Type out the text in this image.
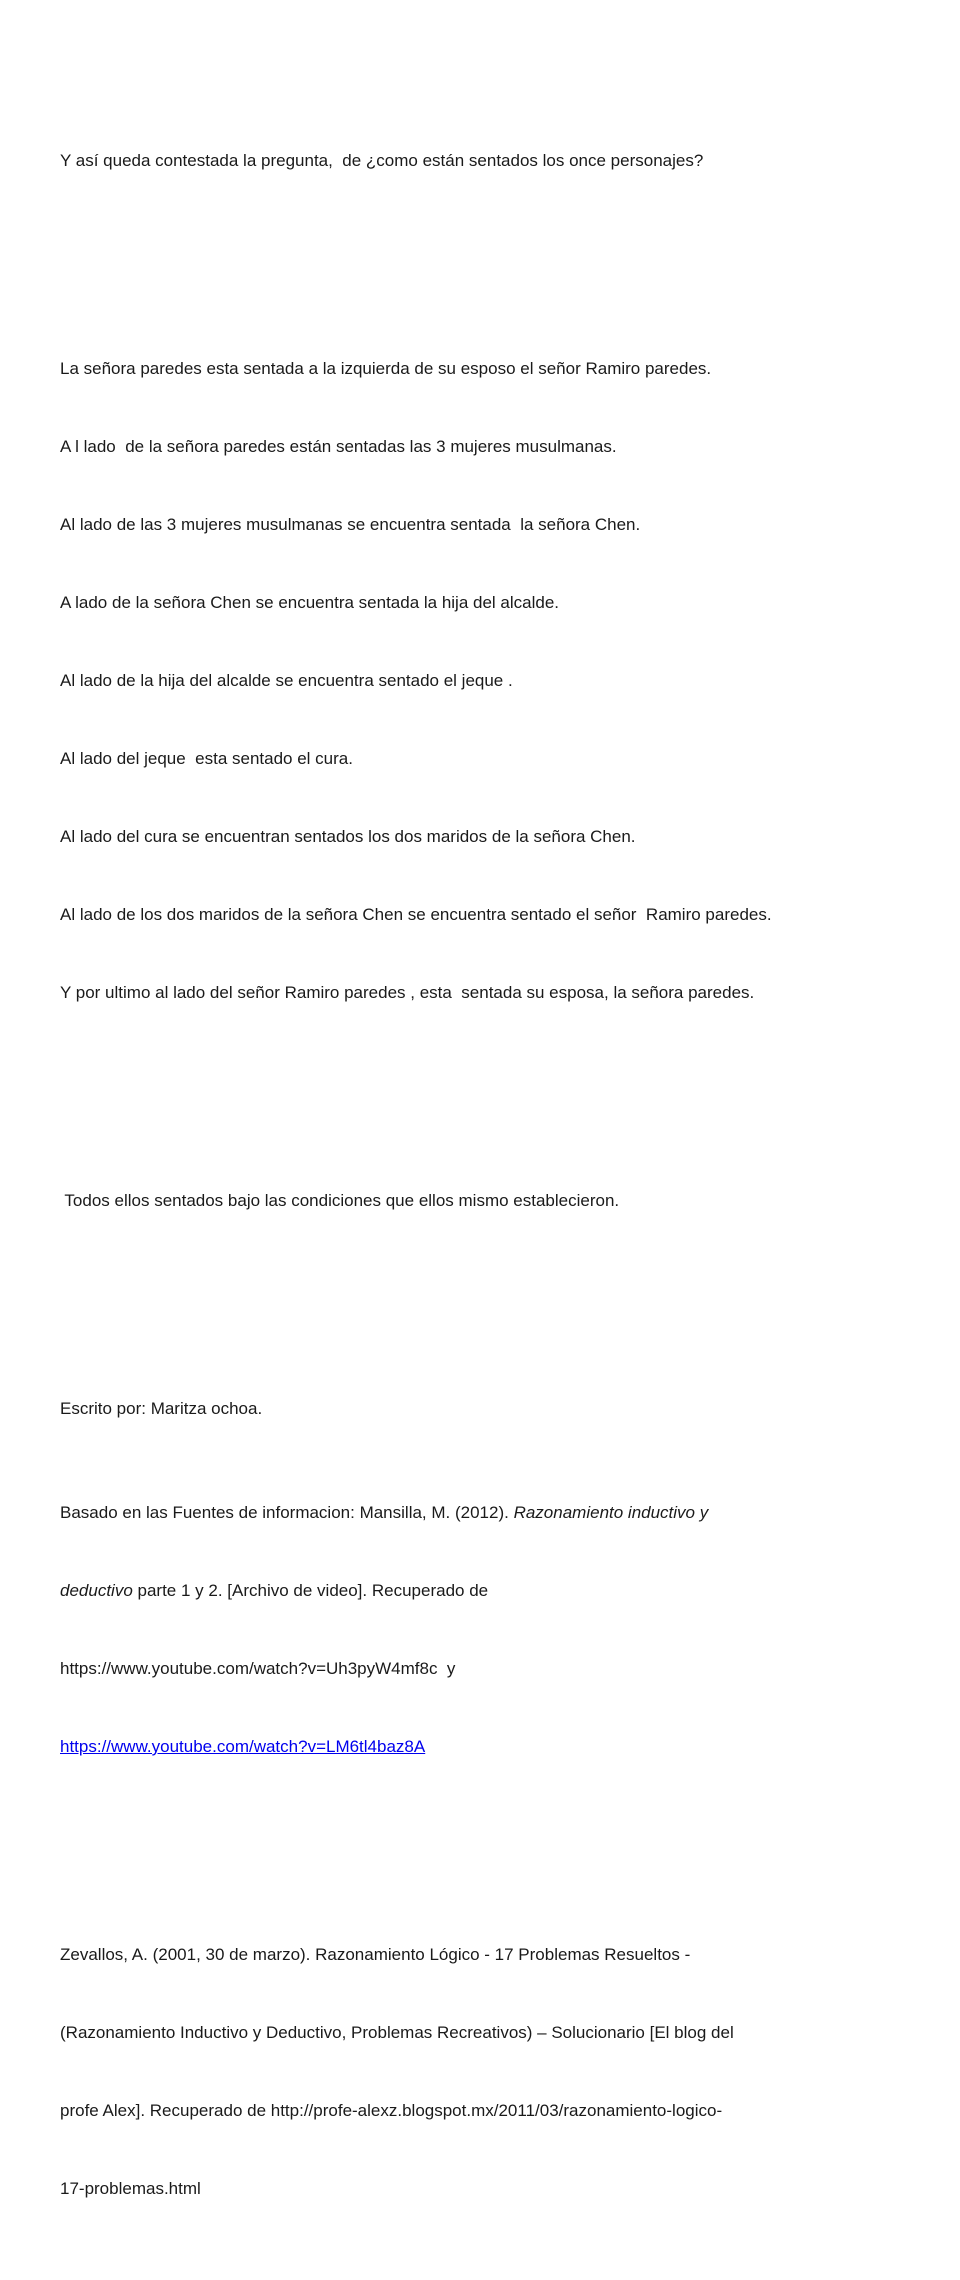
Y así queda contestada la pregunta,  de ¿como están sentados los once personajes?

La señora paredes esta sentada a la izquierda de su esposo el señor Ramiro paredes.

A l lado  de la señora paredes están sentadas las 3 mujeres musulmanas.

Al lado de las 3 mujeres musulmanas se encuentra sentada  la señora Chen.

A lado de la señora Chen se encuentra sentada la hija del alcalde.

Al lado de la hija del alcalde se encuentra sentado el jeque .

Al lado del jeque  esta sentado el cura.

Al lado del cura se encuentran sentados los dos maridos de la señora Chen.

Al lado de los dos maridos de la señora Chen se encuentra sentado el señor  Ramiro paredes.

Y por ultimo al lado del señor Ramiro paredes , esta  sentada su esposa, la señora paredes.

Todos ellos sentados bajo las condiciones que ellos mismo establecieron.

Escrito por: Maritza ochoa.

Basado en las Fuentes de informacion: Mansilla, M. (2012). Razonamiento inductivo y

deductivo parte 1 y 2. [Archivo de video]. Recuperado de

https://www.youtube.com/watch?v=Uh3pyW4mf8c  y

https://www.youtube.com/watch?v=LM6tl4baz8A

Zevallos, A. (2001, 30 de marzo). Razonamiento Lógico - 17 Problemas Resueltos -

(Razonamiento Inductivo y Deductivo, Problemas Recreativos) – Solucionario [El blog del

profe Alex]. Recuperado de http://profe-alexz.blogspot.mx/2011/03/razonamiento-logico-

17-problemas.html
